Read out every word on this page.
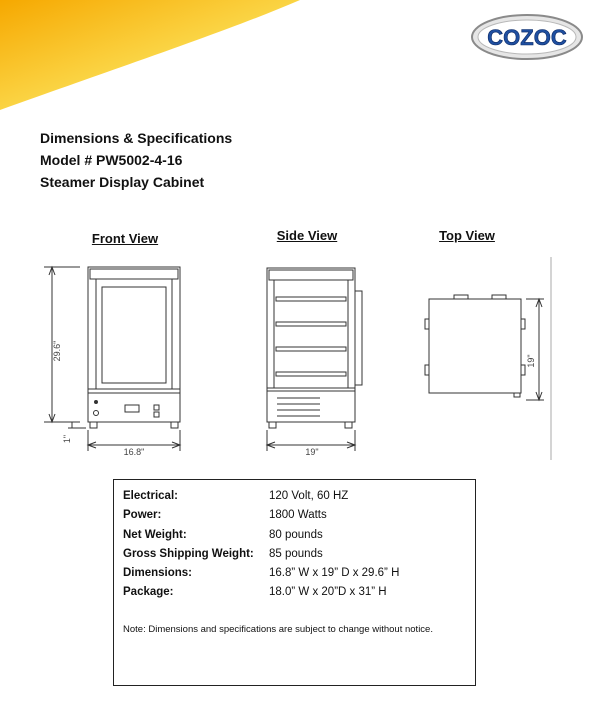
COZOC
Dimensions & Specifications
Model # PW5002-4-16
Steamer Display Cabinet
Front View	Side View	Top View
29.6"
16.8"
1"
19"
19"
Electrical:	120 Volt, 60 HZ
Power:	1800 Watts
Net Weight:	80 pounds
Gross Shipping Weight: 85 pounds
Dimensions:	16.8” W x 19” D x 29.6” H
Package:	18.0” W x 20”D x 31” H
Note: Dimensions and specifications are subject to change without notice.
